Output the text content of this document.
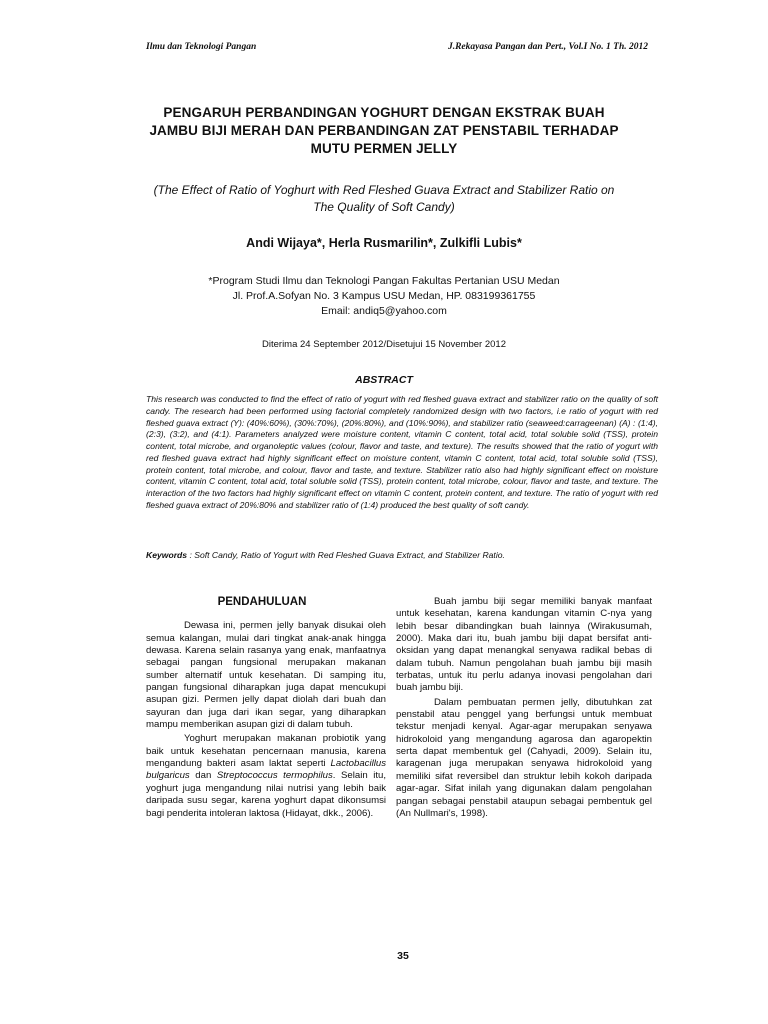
Ilmu dan Teknologi Pangan	J.Rekayasa Pangan dan Pert., Vol.I No. 1 Th. 2012
PENGARUH PERBANDINGAN YOGHURT DENGAN EKSTRAK BUAH
JAMBU BIJI MERAH DAN PERBANDINGAN ZAT PENSTABIL TERHADAP
MUTU PERMEN JELLY
(The Effect of Ratio of Yoghurt with Red Fleshed Guava Extract and Stabilizer Ratio on
The Quality of Soft Candy)
Andi Wijaya*, Herla Rusmarilin*, Zulkifli Lubis*
*Program Studi Ilmu dan Teknologi Pangan Fakultas Pertanian USU Medan
Jl. Prof.A.Sofyan No. 3 Kampus USU Medan, HP. 083199361755
Email: andiq5@yahoo.com
Diterima 24 September 2012/Disetujui 15 November 2012
ABSTRACT
This research was conducted to find the effect of ratio of yogurt with red fleshed guava extract and stabilizer ratio on the quality of soft candy. The research had been performed using factorial completely randomized design with two factors, i.e ratio of yogurt with red fleshed guava extract (Y): (40%:60%), (30%:70%), (20%:80%), and (10%:90%), and stabilizer ratio (seaweed:carrageenan) (A) : (1:4), (2:3), (3:2), and (4:1). Parameters analyzed were moisture content, vitamin C content, total acid, total soluble solid (TSS), protein content, total microbe, and organoleptic values (colour, flavor and taste, and texture). The results showed that the ratio of yogurt with red fleshed guava extract had highly significant effect on moisture content, vitamin C content, total acid, total soluble solid (TSS), protein content, total microbe, and colour, flavor and taste, and texture. Stabilizer ratio also had highly significant effect on moisture content, vitamin C content, total acid, total soluble solid (TSS), protein content, total microbe, colour, flavor and taste, and texture. The interaction of the two factors had highly significant effect on vitamin C content, protein content, and texture. The ratio of yogurt with red fleshed guava extract of 20%:80% and stabilizer ratio of (1:4) produced the best quality of soft candy.
Keywords : Soft Candy, Ratio of Yogurt with Red Fleshed Guava Extract, and Stabilizer Ratio.
PENDAHULUAN

Dewasa ini, permen jelly banyak disukai oleh semua kalangan, mulai dari tingkat anak-anak hingga dewasa. Karena selain rasanya yang enak, manfaatnya sebagai pangan fungsional merupakan makanan sumber alternatif untuk kesehatan. Di samping itu, pangan fungsional diharapkan juga dapat mencukupi asupan gizi. Permen jelly dapat diolah dari buah dan sayuran dan juga dari ikan segar, yang diharapkan mampu memberikan asupan gizi di dalam tubuh.

Yoghurt merupakan makanan probiotik yang baik untuk kesehatan pencernaan manusia, karena mengandung bakteri asam laktat seperti Lactobacillus bulgaricus dan Streptococcus termophilus. Selain itu, yoghurt juga mengandung nilai nutrisi yang lebih baik daripada susu segar, karena yoghurt dapat dikonsumsi bagi penderita intoleran laktosa (Hidayat, dkk., 2006).

Buah jambu biji segar memiliki banyak manfaat untuk kesehatan, karena kandungan vitamin C-nya yang lebih besar dibandingkan buah lainnya (Wirakusumah, 2000). Maka dari itu, buah jambu biji dapat bersifat anti-oksidan yang dapat menangkal senyawa radikal bebas di dalam tubuh. Namun pengolahan buah jambu biji masih terbatas, untuk itu perlu adanya inovasi pengolahan dari buah jambu biji.

Dalam pembuatan permen jelly, dibutuhkan zat penstabil atau penggel yang berfungsi untuk membuat tekstur menjadi kenyal. Agar-agar merupakan senyawa hidrokoloid yang mengandung agarosa dan agaropektin serta dapat membentuk gel (Cahyadi, 2009). Selain itu, karagenan juga merupakan senyawa hidrokoloid yang memiliki sifat reversibel dan struktur lebih kokoh daripada agar-agar. Sifat inilah yang digunakan dalam pengolahan pangan sebagai penstabil ataupun sebagai pembentuk gel (An Nullmari's, 1998).

35
